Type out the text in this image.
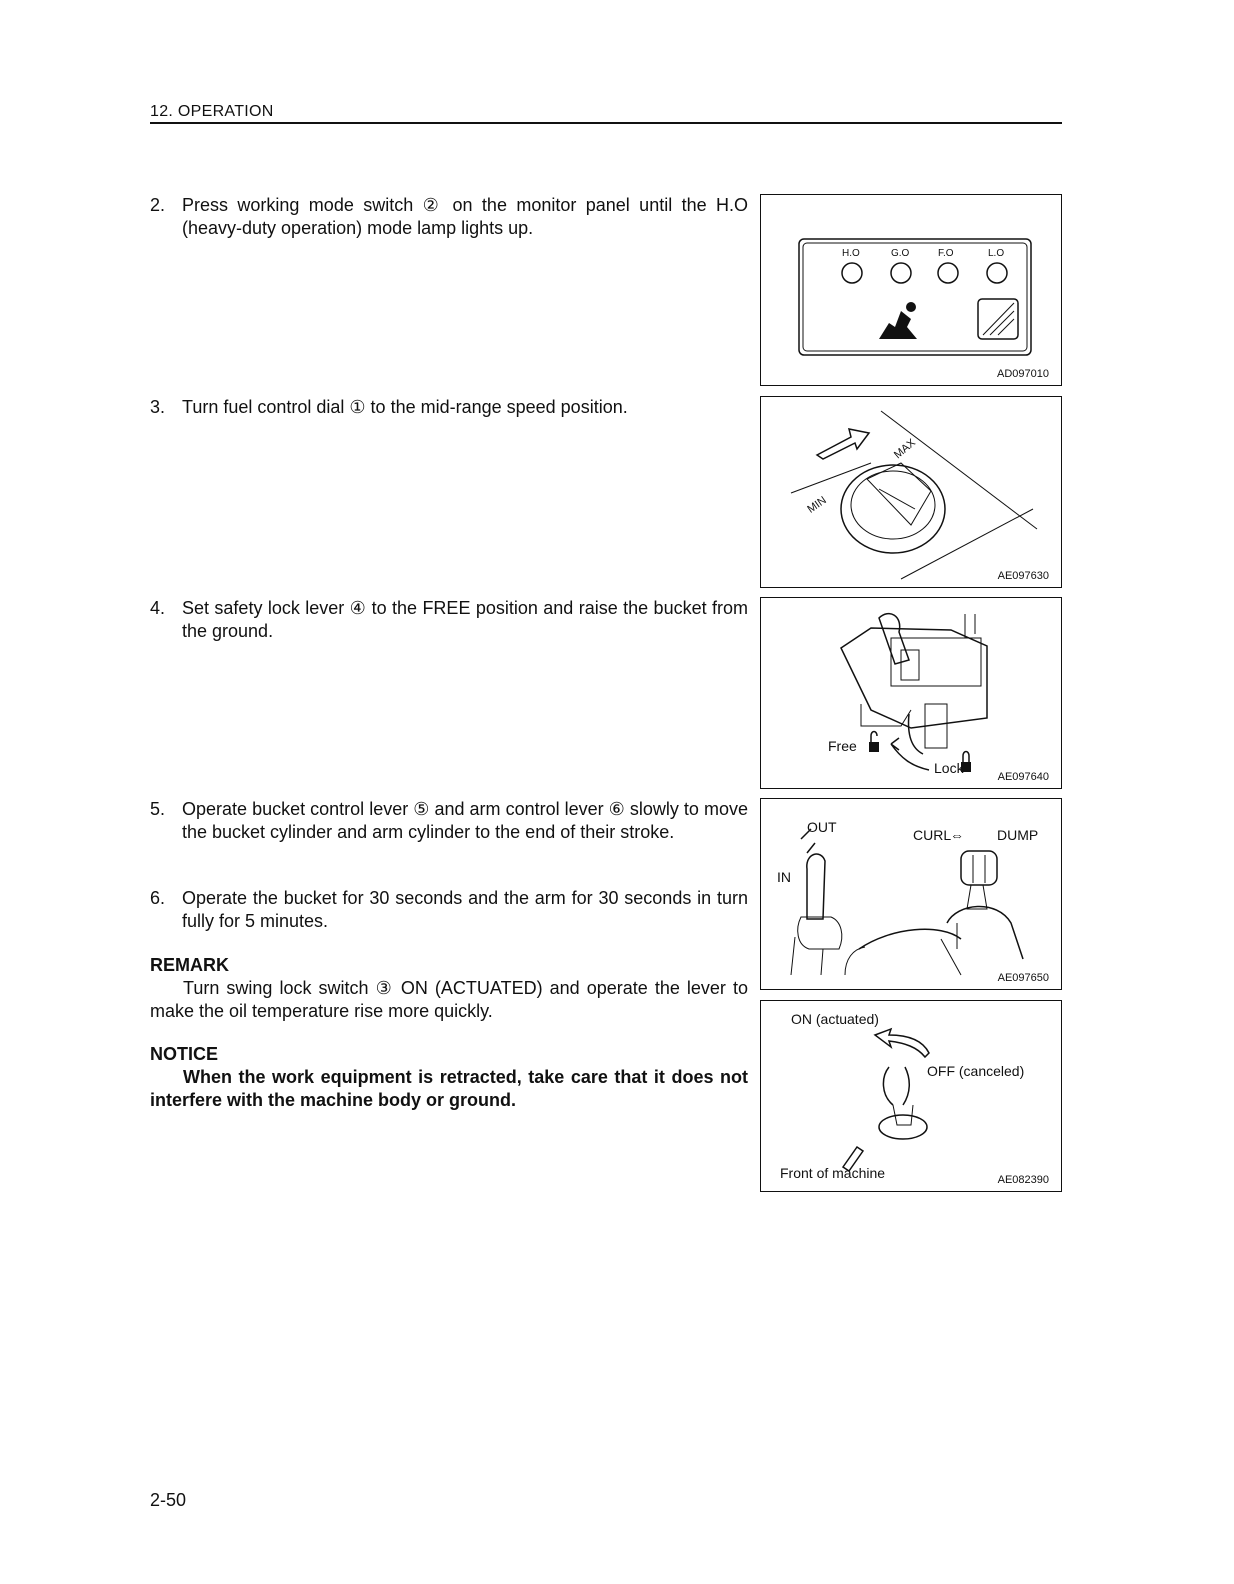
12. OPERATION
2. Press working mode switch ② on the monitor panel until the H.O (heavy-duty operation) mode lamp lights up.
3. Turn fuel control dial ① to the mid-range speed position.
4. Set safety lock lever ④ to the FREE position and raise the bucket from the ground.
5. Operate bucket control lever ⑤ and arm control lever ⑥ slowly to move the bucket cylinder and arm cylinder to the end of their stroke.
6. Operate the bucket for 30 seconds and the arm for 30 seconds in turn fully for 5 minutes.
REMARK
Turn swing lock switch ③ ON (ACTUATED) and operate the lever to make the oil temperature rise more quickly.
NOTICE
When the work equipment is retracted, take care that it does not interfere with the machine body or ground.
H.O	G.O	F.O	L.O
AD097010
MIN
MAX
AE097630
Free
Lock
AE097640
OUT
IN
CURL
⇔ DUMP
AE097650
ON (actuated)
OFF (canceled)
Front of machine	AE082390
2-50
